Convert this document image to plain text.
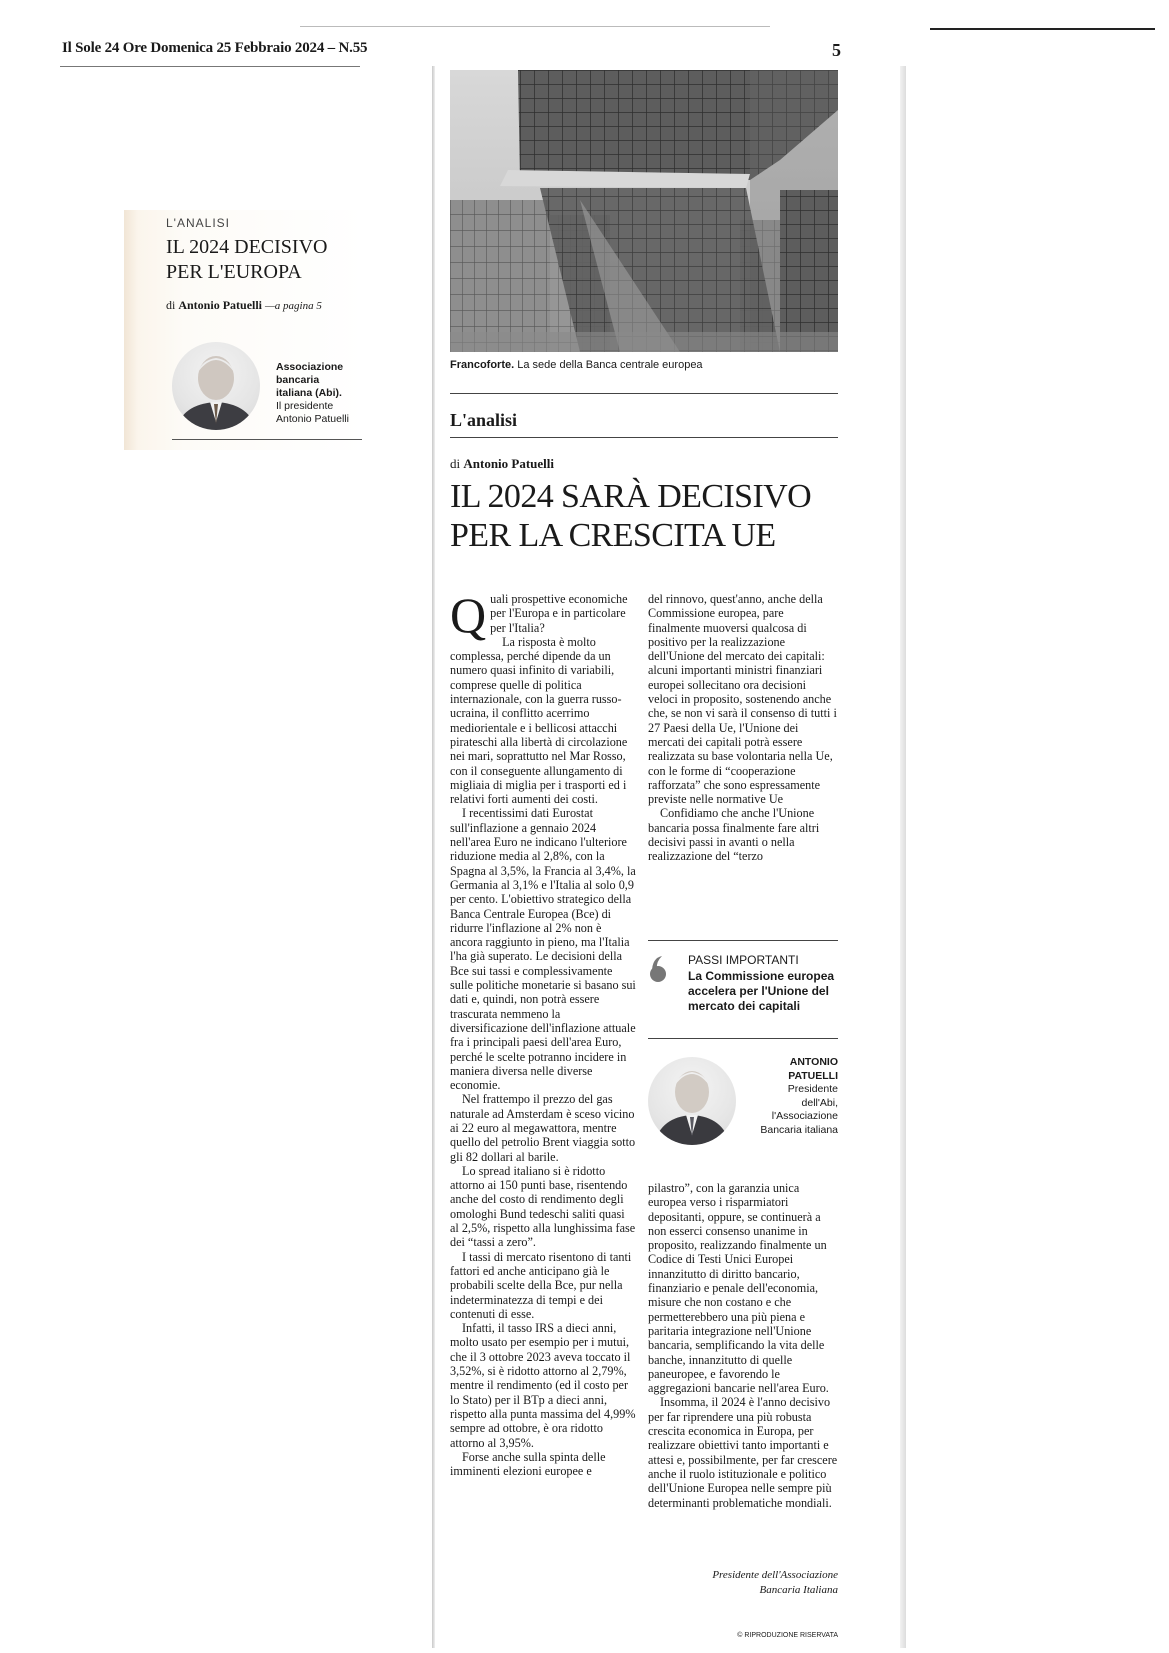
Il Sole 24 Ore Domenica 25 Febbraio 2024 – N.55	5
L'ANALISI
IL 2024 DECISIVO
PER L'EUROPA
di Antonio Patuelli —a pagina 5
Associazione
bancaria
italiana (Abi).
Il presidente
Antonio Patuelli
Francoforte. La sede della Banca centrale europea
L'analisi
di Antonio Patuelli
IL 2024 SARÀ DECISIVO
PER LA CRESCITA UE
Q uali prospettive economiche per l'Europa e in particolare per l'Italia?

La risposta è molto complessa, perché dipende da un numero quasi infinito di variabili, comprese quelle di politica internazionale, con la guerra russo- ucraina, il conflitto acerrimo mediorientale e i bellicosi attacchi pirateschi alla libertà di circolazione nei mari, soprattutto nel Mar Rosso, con il conseguente allungamento di migliaia di miglia per i trasporti ed i relativi forti aumenti dei costi.

I recentissimi dati Eurostat sull'inflazione a gennaio 2024 nell'area Euro ne indicano l'ulteriore riduzione media al 2,8%, con la Spagna al 3,5%, la Francia al 3,4%, la Germania al 3,1% e l'Italia al solo 0,9 per cento. L'obiettivo strategico della Banca Centrale Europea (Bce) di ridurre l'inflazione al 2% non è ancora raggiunto in pieno, ma l'Italia l'ha già superato. Le decisioni della Bce sui tassi e complessivamente sulle politiche monetarie si basano sui dati e, quindi, non potrà essere trascurata nemmeno la diversificazione dell'inflazione attuale fra i principali paesi dell'area Euro, perché le scelte potranno incidere in maniera diversa nelle diverse economie.

Nel frattempo il prezzo del gas naturale ad Amsterdam è sceso vicino ai 22 euro al megawattora, mentre quello del petrolio Brent viaggia sotto gli 82 dollari al barile.

Lo spread italiano si è ridotto attorno ai 150 punti base, risentendo anche del costo di rendimento degli omologhi Bund tedeschi saliti quasi al 2,5%, rispetto alla lunghissima fase dei “tassi a zero”.

I tassi di mercato risentono di tanti fattori ed anche anticipano già le probabili scelte della Bce, pur nella indeterminatezza di tempi e dei contenuti di esse.

Infatti, il tasso IRS a dieci anni, molto usato per esempio per i mutui, che il 3 ottobre 2023 aveva toccato il 3,52%, si è ridotto attorno al 2,79%, mentre il rendimento (ed il costo per lo Stato) per il BTp a dieci anni, rispetto alla punta massima del 4,99% sempre ad ottobre, è ora ridotto attorno al 3,95%.

Forse anche sulla spinta delle imminenti elezioni europee e

del rinnovo, quest'anno, anche della Commissione europea, pare finalmente muoversi qualcosa di positivo per la realizzazione dell'Unione del mercato dei capitali: alcuni importanti ministri finanziari europei sollecitano ora decisioni veloci in proposito, sostenendo anche che, se non vi sarà il consenso di tutti i 27 Paesi della Ue, l'Unione dei mercati dei capitali potrà essere realizzata su base volontaria nella Ue, con le forme di “cooperazione rafforzata” che sono espressamente previste nelle normative Ue

Confidiamo che anche l'Unione bancaria possa finalmente fare altri decisivi passi in avanti o nella realizzazione del “terzo

PASSI IMPORTANTI
La Commissione europea accelera per l'Unione del mercato dei capitali
ANTONIO
PATUELLI
Presidente
dell'Abi,
l'Associazione
Bancaria italiana

pilastro”, con la garanzia unica europea verso i risparmiatori depositanti, oppure, se continuerà a non esserci consenso unanime in proposito, realizzando finalmente un Codice di Testi Unici Europei innanzitutto di diritto bancario, finanziario e penale dell'economia, misure che non costano e che permetterebbero una più piena e paritaria integrazione nell'Unione bancaria, semplificando la vita delle banche, innanzitutto di quelle paneuropee, e favorendo le aggregazioni bancarie nell'area Euro.

Insomma, il 2024 è l'anno decisivo per far riprendere una più robusta crescita economica in Europa, per realizzare obiettivi tanto importanti e attesi e, possibilmente, per far crescere anche il ruolo istituzionale e politico dell'Unione Europea nelle sempre più determinanti problematiche mondiali.

Presidente dell'Associazione
Bancaria Italiana
© RIPRODUZIONE RISERVATA
